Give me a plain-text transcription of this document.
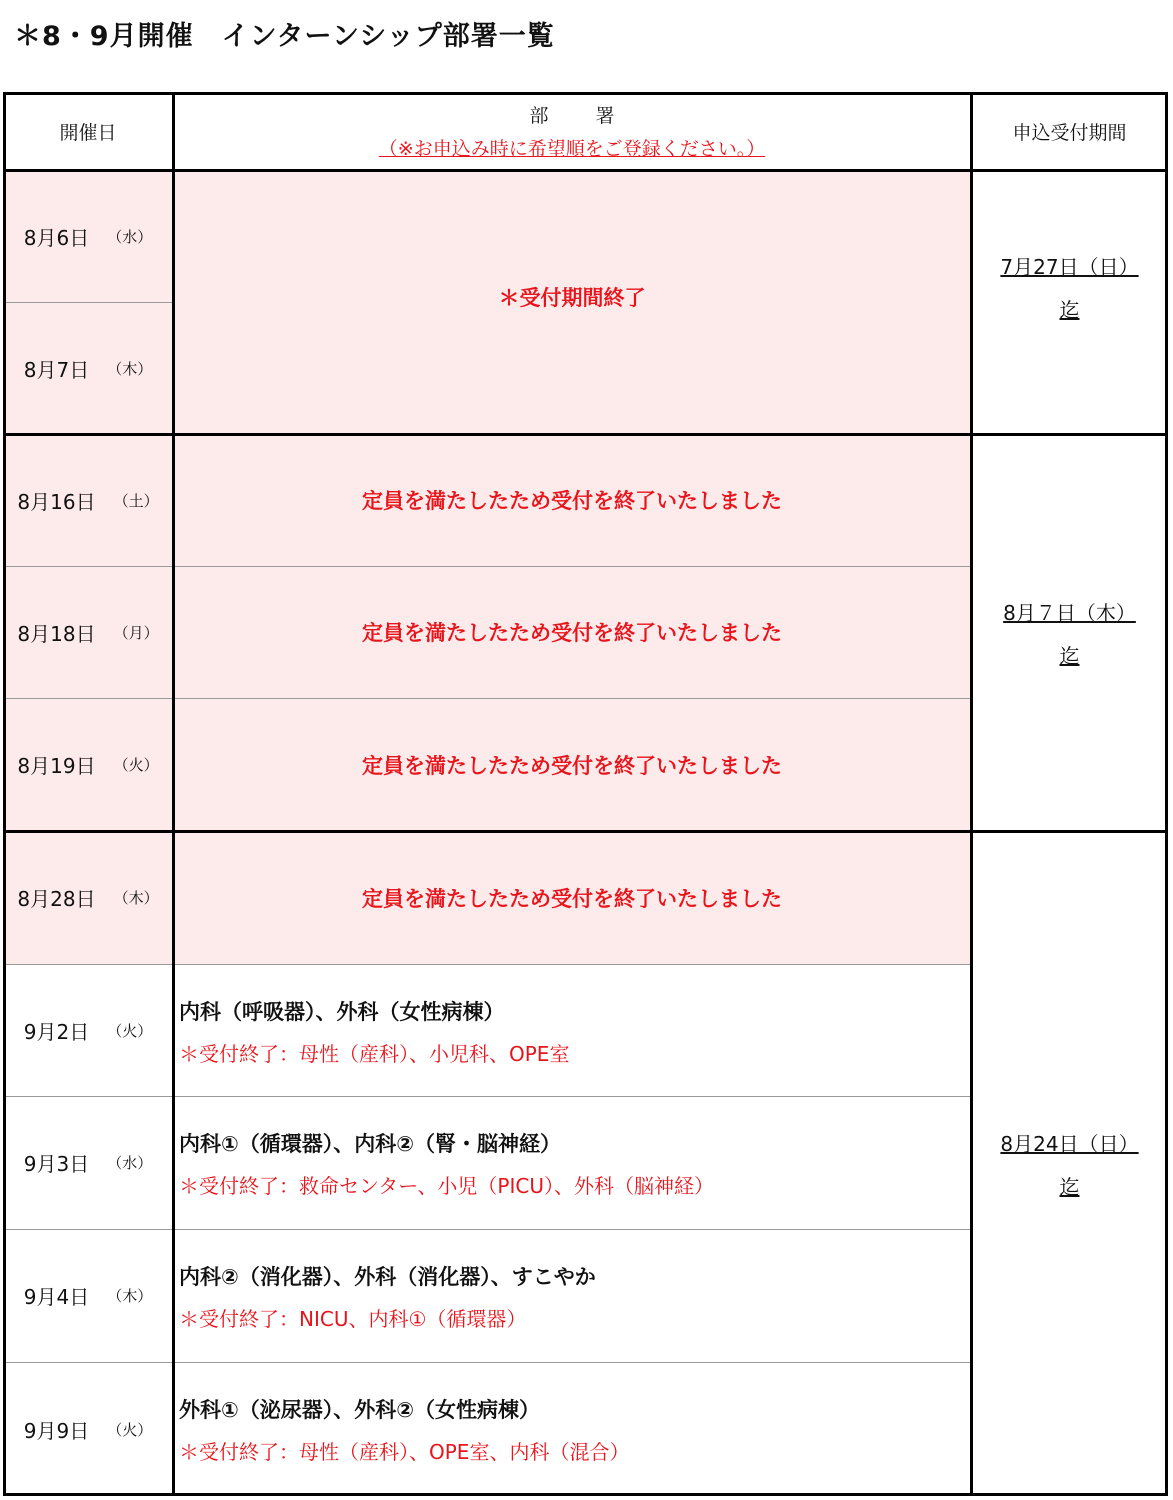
＊8・9月開催　インターンシップ部署一覧
開催日
部　署
（※お申込み時に希望順をご登録ください。）
申込受付期間
8月6日 （水）
8月7日 （木）
8月16日 （土）
8月18日 （月）
8月19日 （火）
8月28日 （木）
9月2日 （火）
9月3日 （水）
9月4日 （木）
9月9日 （火）
＊受付期間終了
定員を満たしたため受付を終了いたしました
定員を満たしたため受付を終了いたしました
定員を満たしたため受付を終了いたしました
定員を満たしたため受付を終了いたしました
内科（呼吸器）、外科（女性病棟）
＊受付終了：母性（産科）、小児科、OPE室
内科①（循環器）、内科②（腎・脳神経）
＊受付終了：救命センター、小児（PICU）、外科（脳神経）
内科②（消化器）、外科（消化器）、すこやか
＊受付終了：NICU、内科①（循環器）
外科①（泌尿器）、外科②（女性病棟）
＊受付終了：母性（産科）、OPE室、内科（混合）
7月27日（日）
迄
8月７日（木）
迄
8月24日（日）
迄
